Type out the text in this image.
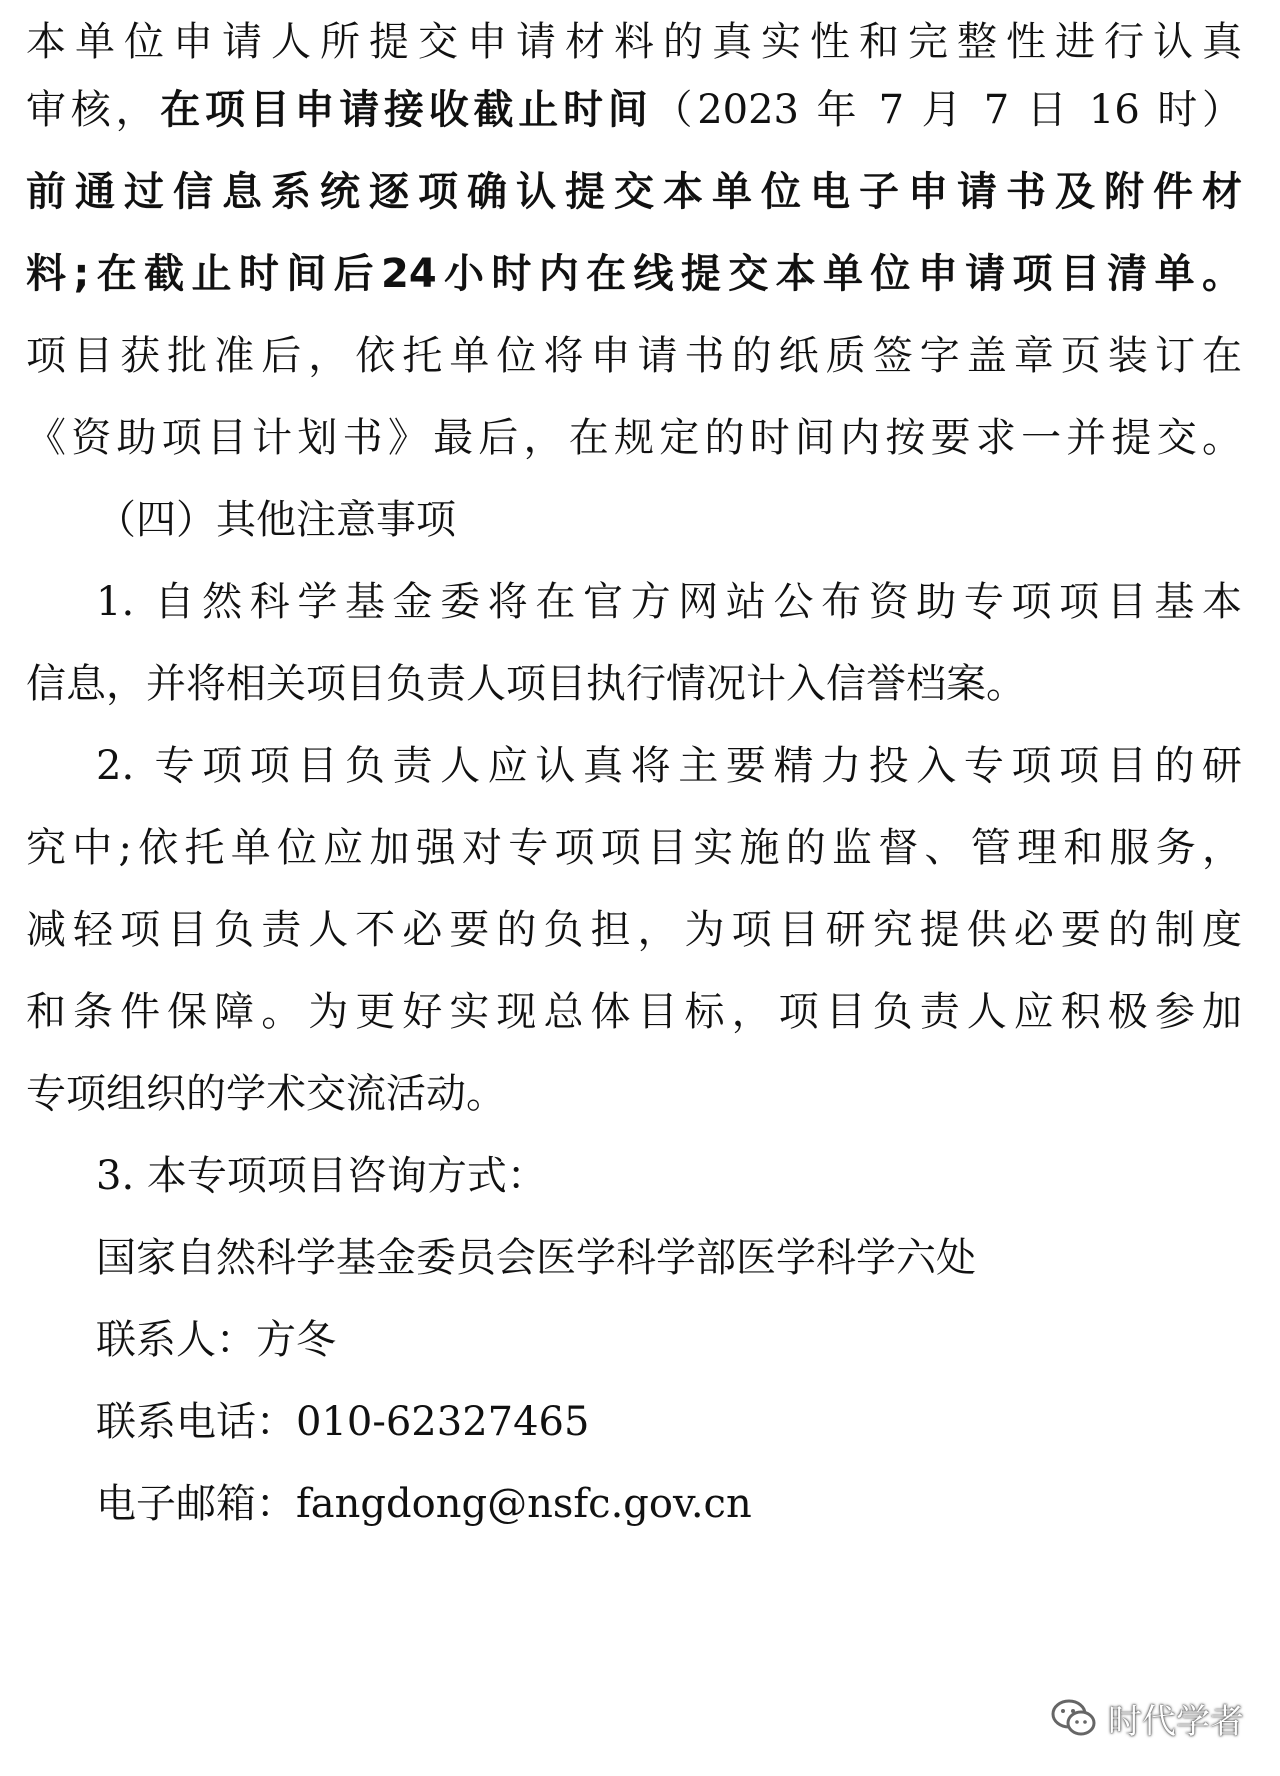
本单位申请人所提交申请材料的真实性和完整性进行认真
审核，在项目申请接收截止时间（2023 年 7 月 7 日 16 时）
前通过信息系统逐项确认提交本单位电子申请书及附件材
料;在截止时间后24小时内在线提交本单位申请项目清单。
项目获批准后，依托单位将申请书的纸质签字盖章页装订在
《资助项目计划书》最后，在规定的时间内按要求一并提交。
（四）其他注意事项
1. 自然科学基金委将在官方网站公布资助专项项目基本
信息，并将相关项目负责人项目执行情况计入信誉档案。
2. 专项项目负责人应认真将主要精力投入专项项目的研
究中;依托单位应加强对专项项目实施的监督、管理和服务，
减轻项目负责人不必要的负担，为项目研究提供必要的制度
和条件保障。为更好实现总体目标，项目负责人应积极参加
专项组织的学术交流活动。
3. 本专项项目咨询方式：
国家自然科学基金委员会医学科学部医学科学六处
联系人：方冬
联系电话：010-62327465
电子邮箱：fangdong@nsfc.gov.cn
时代学者
